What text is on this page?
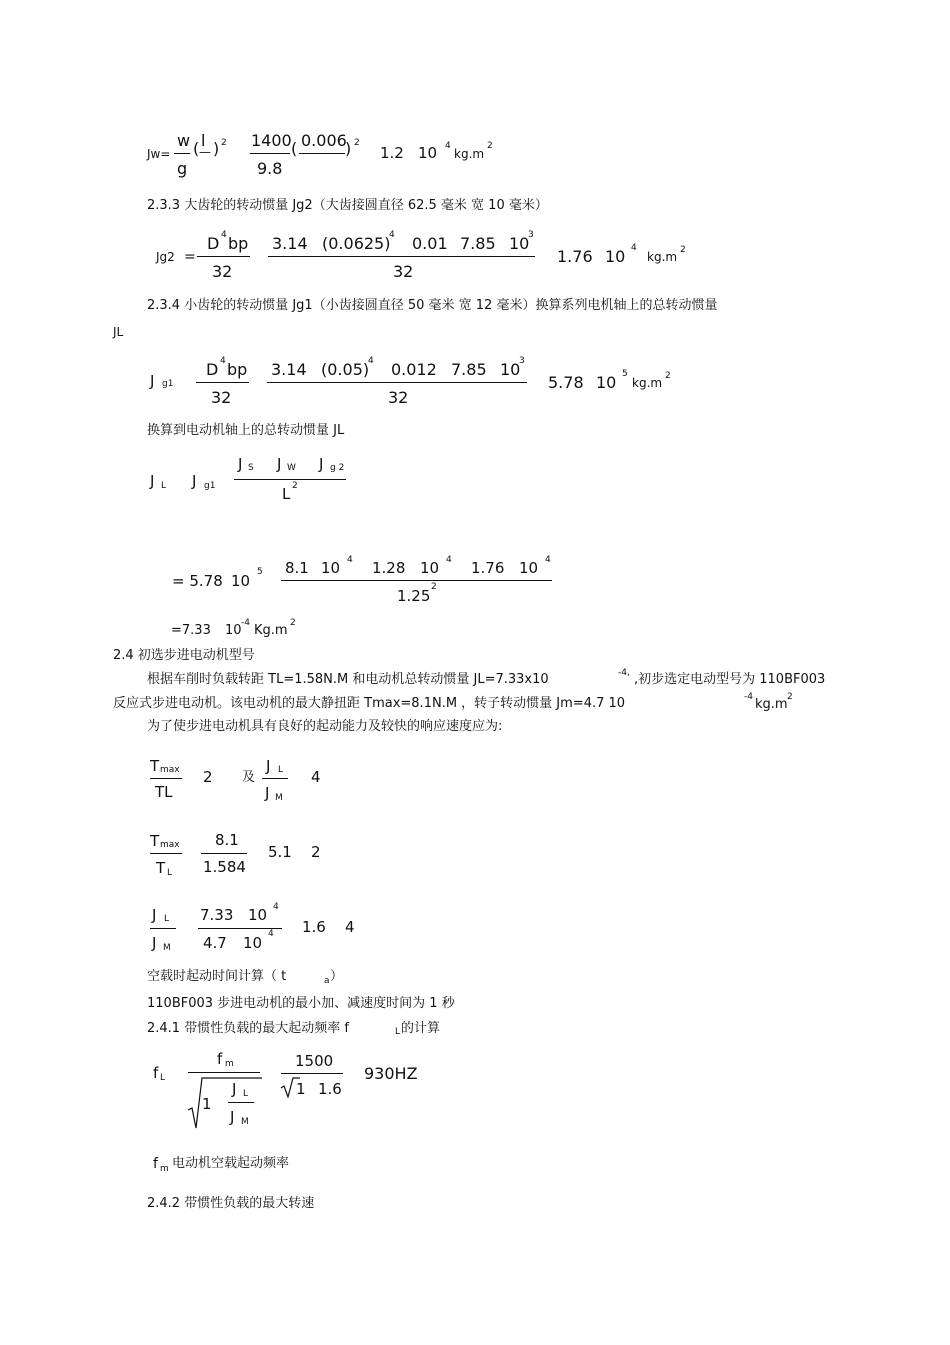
Jw=
w
g
( l
— ) 2 1400
9.8
( 0.006
) 2
1.2 10 4
kg.m
2
2.3.3 大齿轮的转动惯量 Jg2（大齿接圆直径 62.5 毫米 宽 10 毫米）
Jg2 =
D 4 bp
32
3.14 (0.0625)
4 0.01 7.85 10
3
32
1.76 10 4
kg.m 2
2.3.4 小齿轮的转动惯量 Jg1（小齿接圆直径 50 毫米 宽 12 毫米）换算系列电机轴上的总转动惯量
JL
J g1
D 4 bp
32
3.14 (0.05)
4 0.012 7.85 10
3
32
5.78 10 5
kg.m 2
换算到电动机轴上的总转动惯量 JL
J L J g1
J S J W J g 2
L 2
= 5.78 10 5 8.1 10 4 1.28 10 4 1.76 10 4
1.25 2
=7.33 10 -4 Kg.m 2
2.4 初选步进电动机型号
根据车削时负载转距 TL=1.58N.M 和电动机总转动惯量 JL=7.33x10	-4, ,初步选定电动型号为 110BF003
反应式步进电动机。该电动机的最大静扭距 Tmax=8.1N.M ，转子转动惯量 Jm=4.7 10	-4 kg.m 2
为了使步进电动机具有良好的起动能力及较快的响应速度应为:
T max
TL
2 及
J L
J M
4
T max
T L
8.1
1.584
5.1 2
J L
J M
7.33 10 4
4.7 10 4 1.6 4
空载时起动时间计算（ t	a ）
110BF003 步进电动机的最小加、减速度时间为 1 秒
2.4.1 带惯性负载的最大起动频率 f	L 的计算
f L
f m
1
J L
J M
1500
1 1.6
930HZ
f m 电动机空载起动频率
2.4.2 带惯性负载的最大转速
